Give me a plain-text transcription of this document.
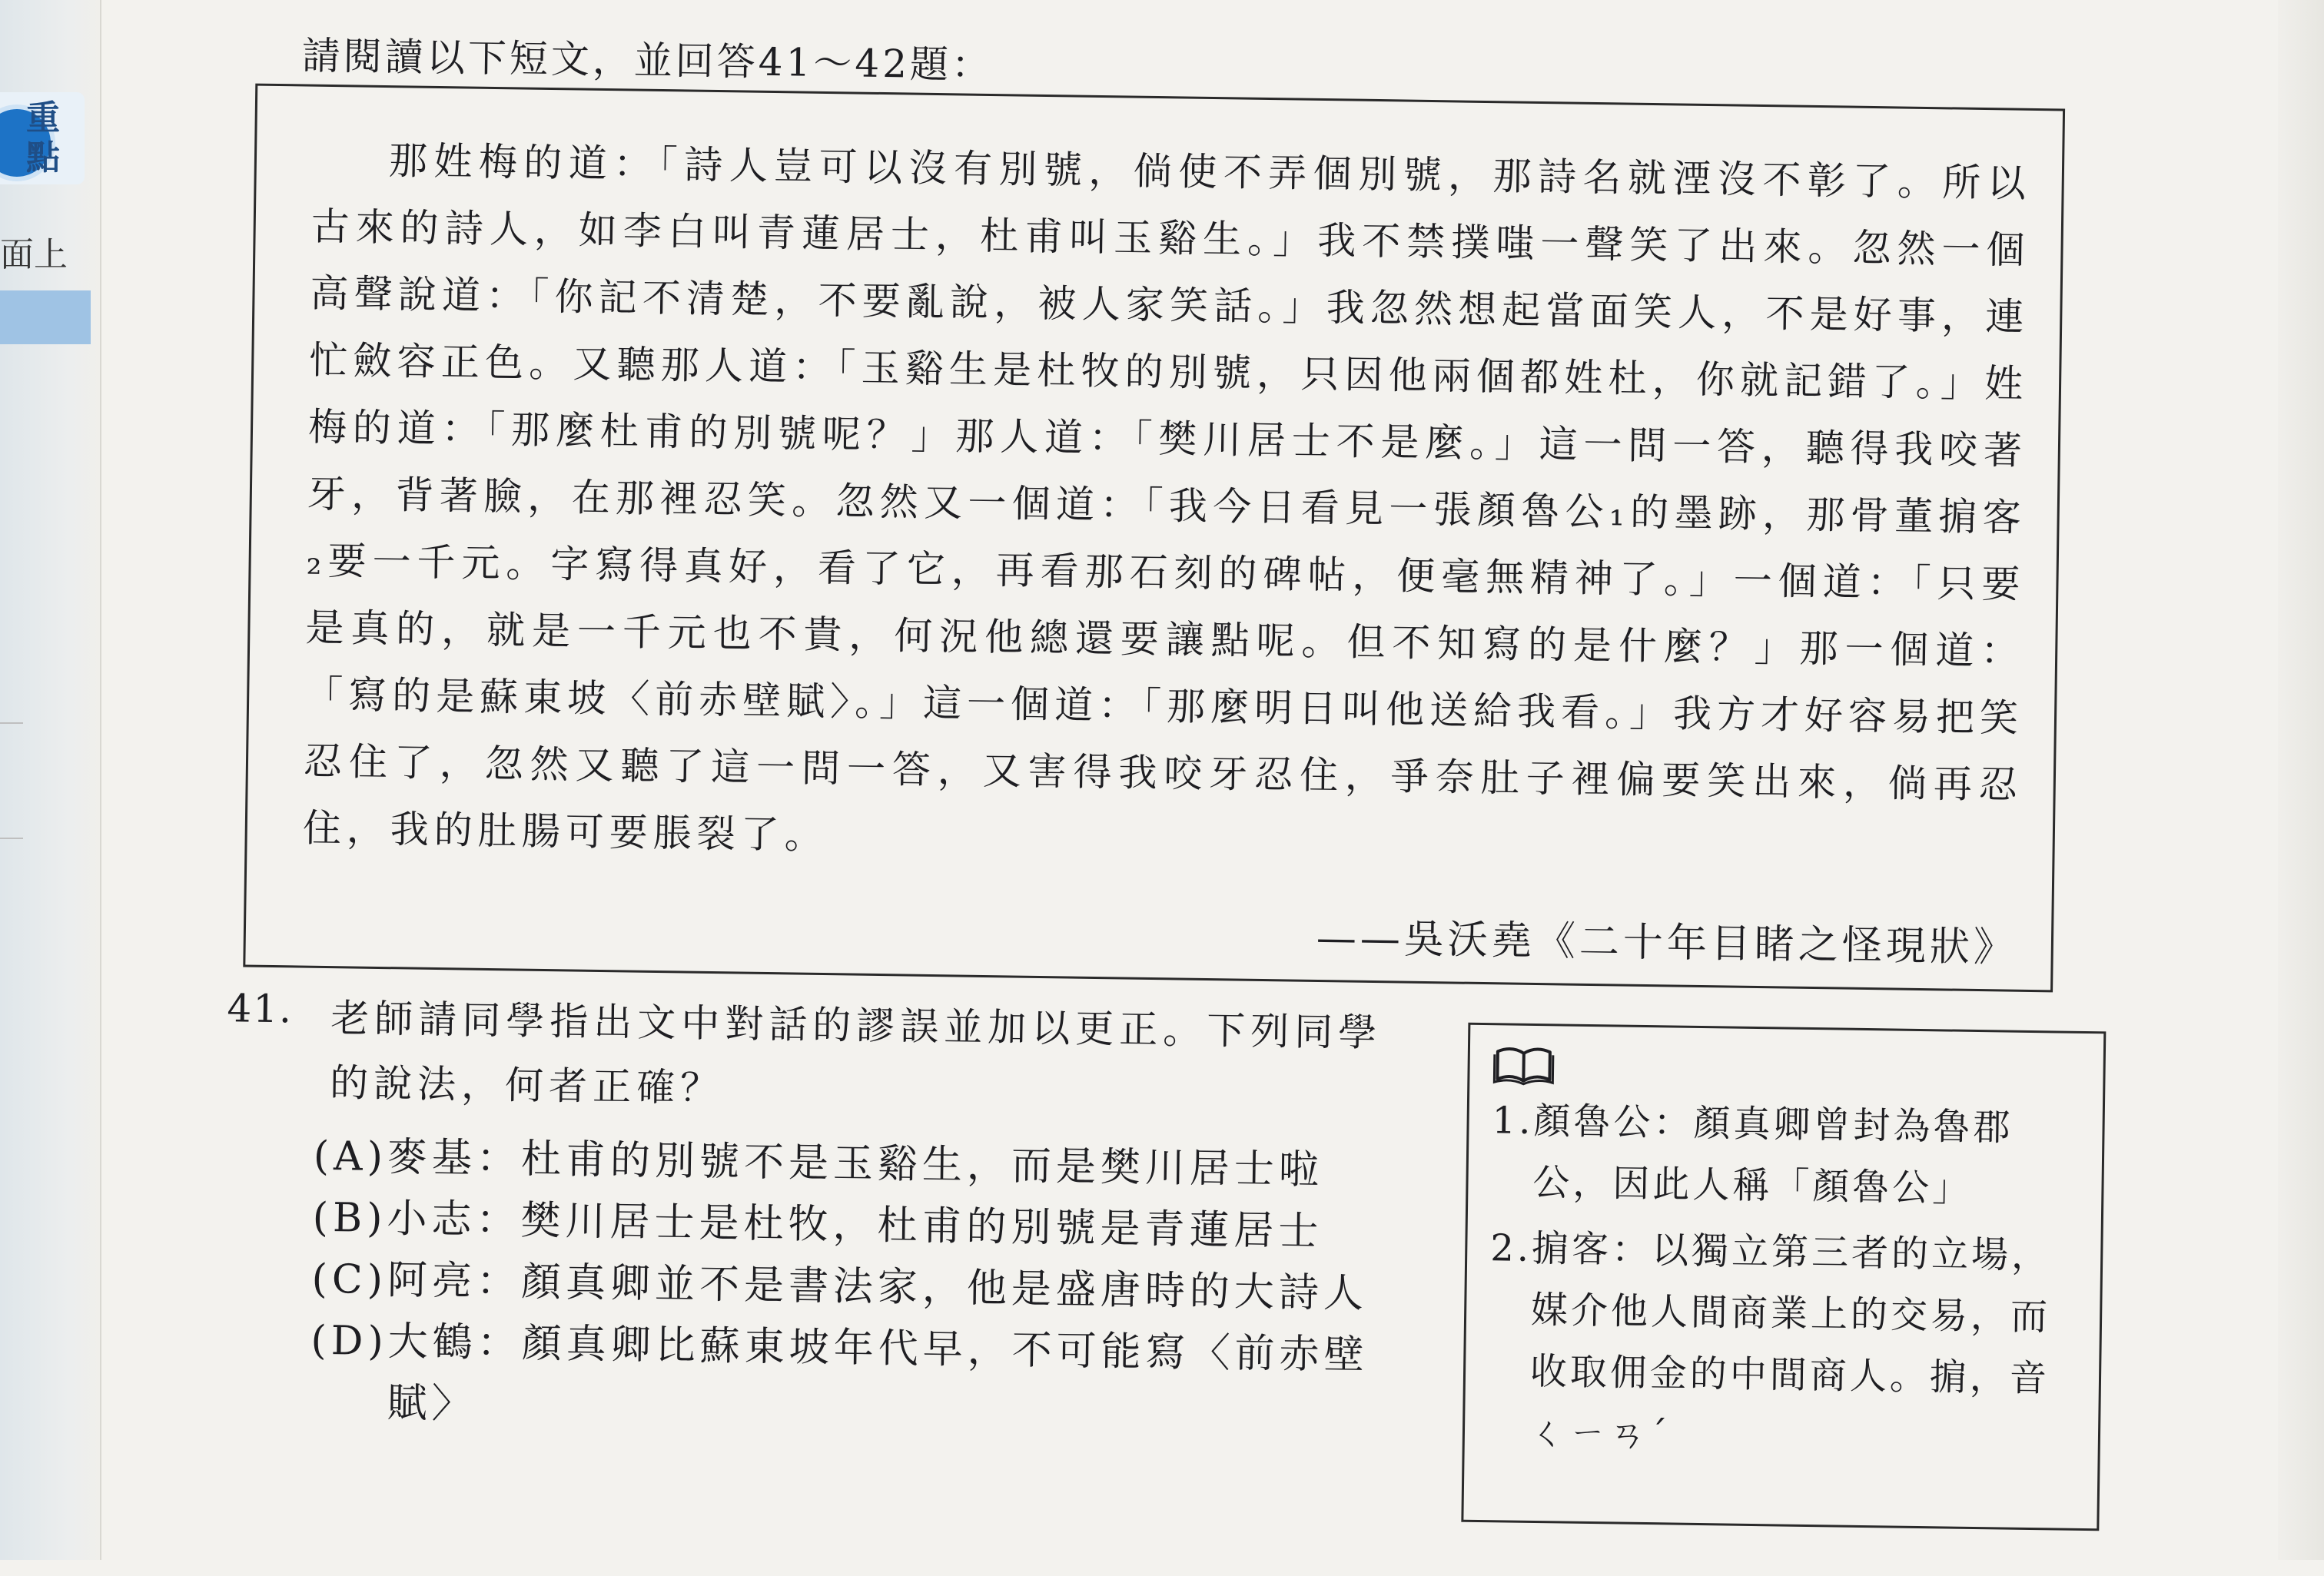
重點
面上
請閱讀以下短文，並回答41～42題：

那姓梅的道：「詩人豈可以沒有別號，倘使不弄個別號，那詩名就湮沒不彰了。所以古來的詩人，如李白叫青蓮居士，杜甫叫玉谿生。」我不禁撲嗤一聲笑了出來。忽然一個高聲說道：「你記不清楚，不要亂說，被人家笑話。」我忽然想起當面笑人，不是好事，連忙斂容正色。又聽那人道：「玉谿生是杜牧的別號，只因他兩個都姓杜，你就記錯了。」姓梅的道：「那麼杜甫的別號呢？」那人道：「樊川居士不是麼。」這一問一答，聽得我咬著牙，背著臉，在那裡忍笑。忽然又一個道：「我今日看見一張顏魯公₁的墨跡，那骨董掮客₂要一千元。字寫得真好，看了它，再看那石刻的碑帖，便毫無精神了。」一個道：「只要是真的，就是一千元也不貴，何況他總還要讓點呢。但不知寫的是什麼？」那一個道：「寫的是蘇東坡〈前赤壁賦〉。」這一個道：「那麼明日叫他送給我看。」我方才好容易把笑忍住了，忽然又聽了這一問一答，又害得我咬牙忍住，爭奈肚子裡偏要笑出來，倘再忍住，我的肚腸可要脹裂了。

——吳沃堯《二十年目睹之怪現狀》
41. 老師請同學指出文中對話的謬誤並加以更正。下列同學的說法，何者正確？
(A) 麥基：杜甫的別號不是玉谿生，而是樊川居士啦
(B) 小志：樊川居士是杜牧，杜甫的別號是青蓮居士
(C) 阿亮：顏真卿並不是書法家，他是盛唐時的大詩人
(D) 大鶴：顏真卿比蘇東坡年代早，不可能寫〈前赤壁賦〉
1. 顏魯公：顏真卿曾封為魯郡公，因此人稱「顏魯公」
2. 掮客：以獨立第三者的立場，媒介他人間商業上的交易，而收取佣金的中間商人。掮，音ㄑㄧㄢˊ
